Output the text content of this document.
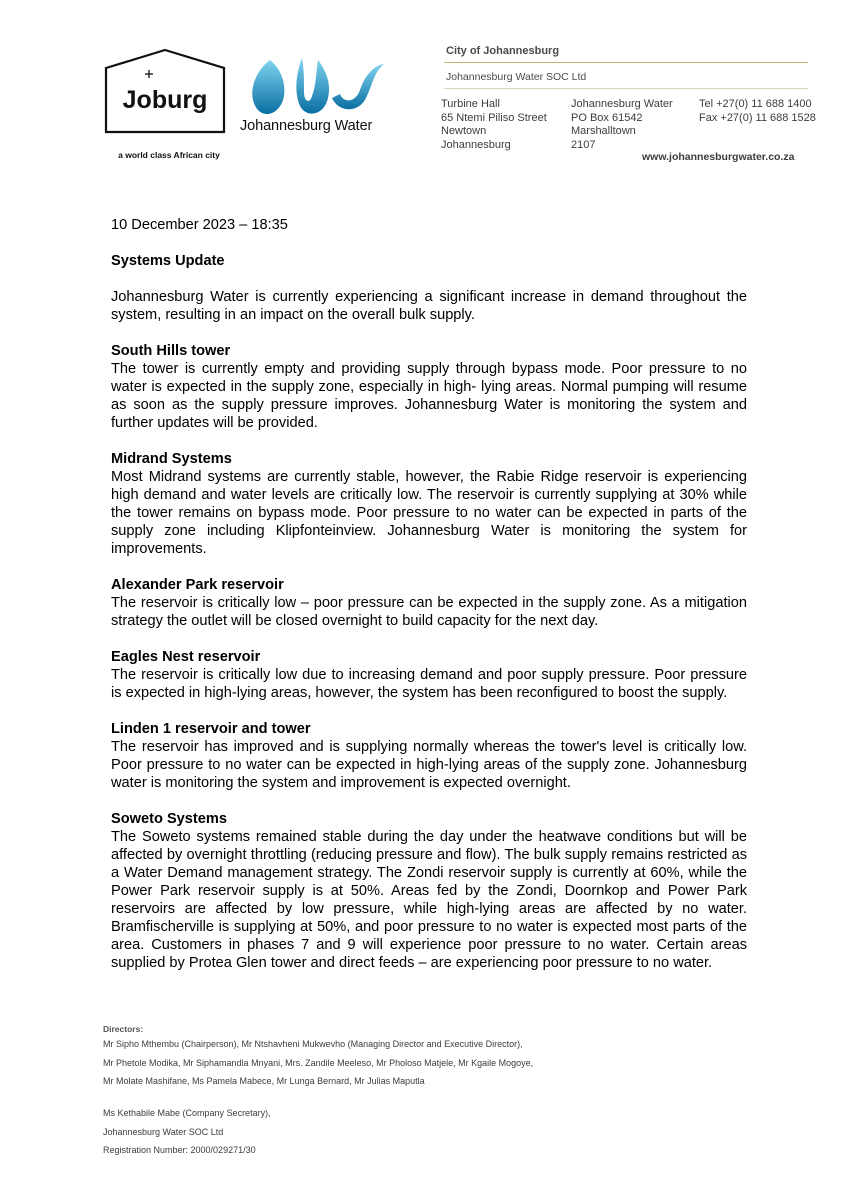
Joburg
a world class African city
Johannesburg Water
City of Johannesburg
Johannesburg Water SOC Ltd
Turbine Hall
65 Ntemi Piliso Street
Newtown
Johannesburg
Johannesburg Water
PO Box 61542
Marshalltown
2107
Tel +27(0) 11 688 1400
Fax +27(0) 11 688 1528
www.johannesburgwater.co.za

10 December 2023 – 18:35

Systems Update

Johannesburg Water is currently experiencing a significant increase in demand throughout the system, resulting in an impact on the overall bulk supply.

South Hills tower

The tower is currently empty and providing supply through bypass mode. Poor pressure to no water is expected in the supply zone, especially in high- lying areas. Normal pumping will resume as soon as the supply pressure improves. Johannesburg Water is monitoring the system and further updates will be provided.

Midrand Systems

Most Midrand systems are currently stable, however, the Rabie Ridge reservoir is experiencing high demand and water levels are critically low. The reservoir is currently supplying at 30% while the tower remains on bypass mode. Poor pressure to no water can be expected in parts of the supply zone including Klipfonteinview. Johannesburg Water is monitoring the system for improvements.

Alexander Park reservoir

The reservoir is critically low – poor pressure can be expected in the supply zone. As a mitigation strategy the outlet will be closed overnight to build capacity for the next day.

Eagles Nest reservoir

The reservoir is critically low due to increasing demand and poor supply pressure. Poor pressure is expected in high-lying areas, however, the system has been reconfigured to boost the supply.

Linden 1 reservoir and tower

The reservoir has improved and is supplying normally whereas the tower's level is critically low. Poor pressure to no water can be expected in high-lying areas of the supply zone. Johannesburg water is monitoring the system and improvement is expected overnight.

Soweto Systems

The Soweto systems remained stable during the day under the heatwave conditions but will be affected by overnight throttling (reducing pressure and flow). The bulk supply remains restricted as a Water Demand management strategy. The Zondi reservoir supply is currently at 60%, while the Power Park reservoir supply is at 50%. Areas fed by the Zondi, Doornkop and Power Park reservoirs are affected by low pressure, while high-lying areas are affected by no water. Bramfischerville is supplying at 50%, and poor pressure to no water is expected most parts of the area. Customers in phases 7 and 9 will experience poor pressure to no water. Certain areas supplied by Protea Glen tower and direct feeds – are experiencing poor pressure to no water.

Directors:
Mr Sipho Mthembu (Chairperson), Mr Ntshavheni Mukwevho (Managing Director and Executive Director),
Mr Phetole Modika, Mr Siphamandla Mnyani, Mrs. Zandile Meeleso, Mr Pholoso Matjele, Mr Kgaile Mogoye,
Mr Molate Mashifane, Ms Pamela Mabece, Mr Lunga Bernard, Mr Julias Maputla
Ms Kethabile Mabe (Company Secretary),
Johannesburg Water SOC Ltd
Registration Number: 2000/029271/30
